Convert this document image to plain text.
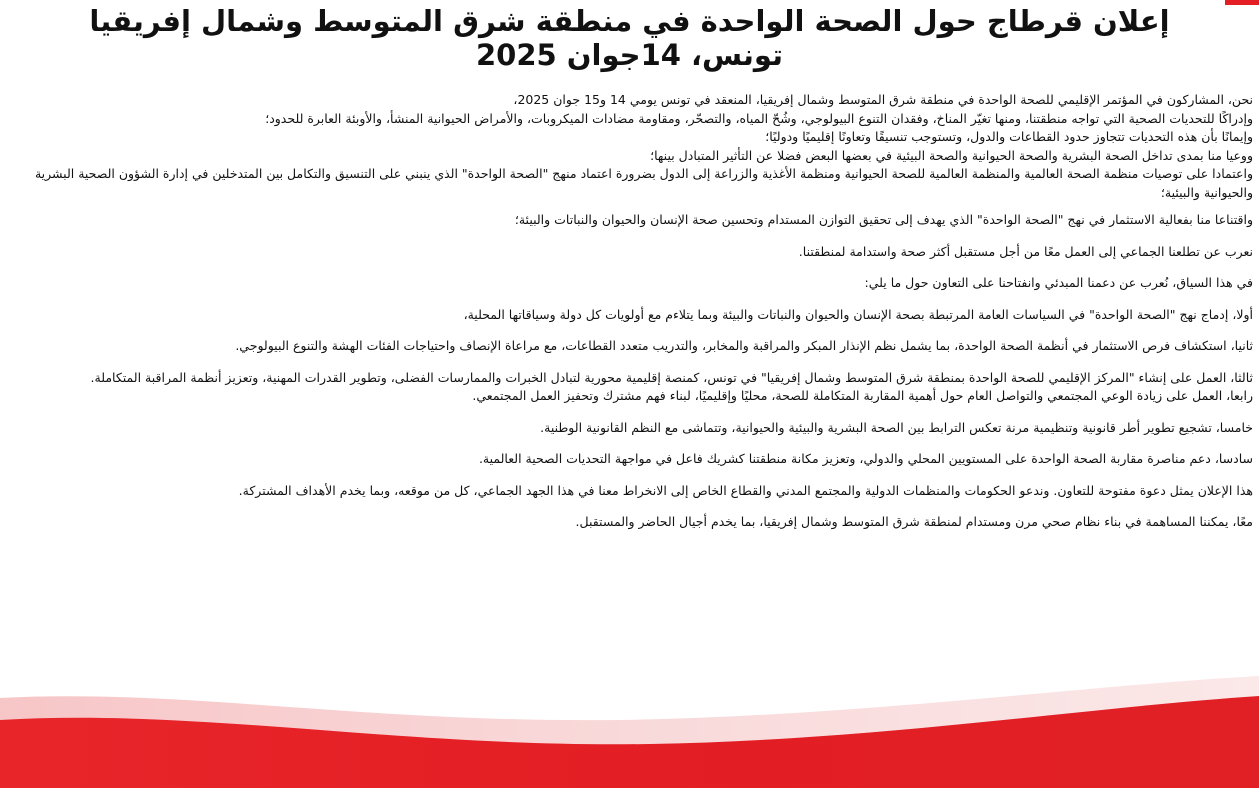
إعلان قرطاج حول الصحة الواحدة في منطقة شرق المتوسط وشمال إفريقيا
تونس، 14جوان 2025

نحن، المشاركون في المؤتمر الإقليمي للصحة الواحدة في منطقة شرق المتوسط وشمال إفريقيا، المنعقد في تونس يومي 14 و15 جوان 2025،

وإدراكًا للتحديات الصحية التي تواجه منطقتنا، ومنها تغيّر المناخ، وفقدان التنوع البيولوجي، وشُحّ المياه، والتصحّر، ومقاومة مضادات الميكروبات، والأمراض الحيوانية المنشأ، والأوبئة العابرة للحدود؛

وإيمانًا بأن هذه التحديات تتجاوز حدود القطاعات والدول، وتستوجب تنسيقًا وتعاونًا إقليميًا ودوليًا؛

ووعيا منا بمدى تداخل الصحة البشرية والصحة الحيوانية والصحة البيئية في بعضها البعض فضلا عن التأثير المتبادل بينها؛

واعتمادا على توصيات منظمة الصحة العالمية والمنظمة العالمية للصحة الحيوانية ومنظمة الأغذية والزراعة إلى الدول بضرورة اعتماد منهج "الصحة الواحدة" الذي ينبني على التنسيق والتكامل بين المتدخلين في إدارة الشؤون الصحية البشرية والحيوانية والبيئية؛

واقتناعا منا بفعالية الاستثمار في نهج "الصحة الواحدة" الذي يهدف إلى تحقيق التوازن المستدام وتحسين صحة الإنسان والحيوان والنباتات والبيئة؛

نعرب عن تطلعنا الجماعي إلى العمل معًا من أجل مستقبل أكثر صحة واستدامة لمنطقتنا.

في هذا السياق، نُعرب عن دعمنا المبدئي وانفتاحنا على التعاون حول ما يلي:

أولا، إدماج نهج "الصحة الواحدة" في السياسات العامة المرتبطة بصحة الإنسان والحيوان والنباتات والبيئة وبما يتلاءم مع أولويات كل دولة وسياقاتها المحلية،

ثانيا، استكشاف فرص الاستثمار في أنظمة الصحة الواحدة، بما يشمل نظم الإنذار المبكر والمراقبة والمخابر، والتدريب متعدد القطاعات، مع مراعاة الإنصاف واحتياجات الفئات الهشة والتنوع البيولوجي.

ثالثا، العمل على إنشاء "المركز الإقليمي للصحة الواحدة بمنطقة شرق المتوسط وشمال إفريقيا" في تونس، كمنصة إقليمية محورية لتبادل الخبرات والممارسات الفضلى، وتطوير القدرات المهنية، وتعزيز أنظمة المراقبة المتكاملة.

رابعا، العمل على زيادة الوعي المجتمعي والتواصل العام حول أهمية المقاربة المتكاملة للصحة، محليًا وإقليميًا، لبناء فهم مشترك وتحفيز العمل المجتمعي.

خامسا، تشجيع تطوير أطر قانونية وتنظيمية مرنة تعكس الترابط بين الصحة البشرية والبيئية والحيوانية، وتتماشى مع النظم القانونية الوطنية.

سادسا، دعم مناصرة مقاربة الصحة الواحدة على المستويين المحلي والدولي، وتعزيز مكانة منطقتنا كشريك فاعل في مواجهة التحديات الصحية العالمية.

هذا الإعلان يمثل دعوة مفتوحة للتعاون. وندعو الحكومات والمنظمات الدولية والمجتمع المدني والقطاع الخاص إلى الانخراط معنا في هذا الجهد الجماعي، كل من موقعه، وبما يخدم الأهداف المشتركة.

معًا، يمكننا المساهمة في بناء نظام صحي مرن ومستدام لمنطقة شرق المتوسط وشمال إفريقيا، بما يخدم أجيال الحاضر والمستقبل.
